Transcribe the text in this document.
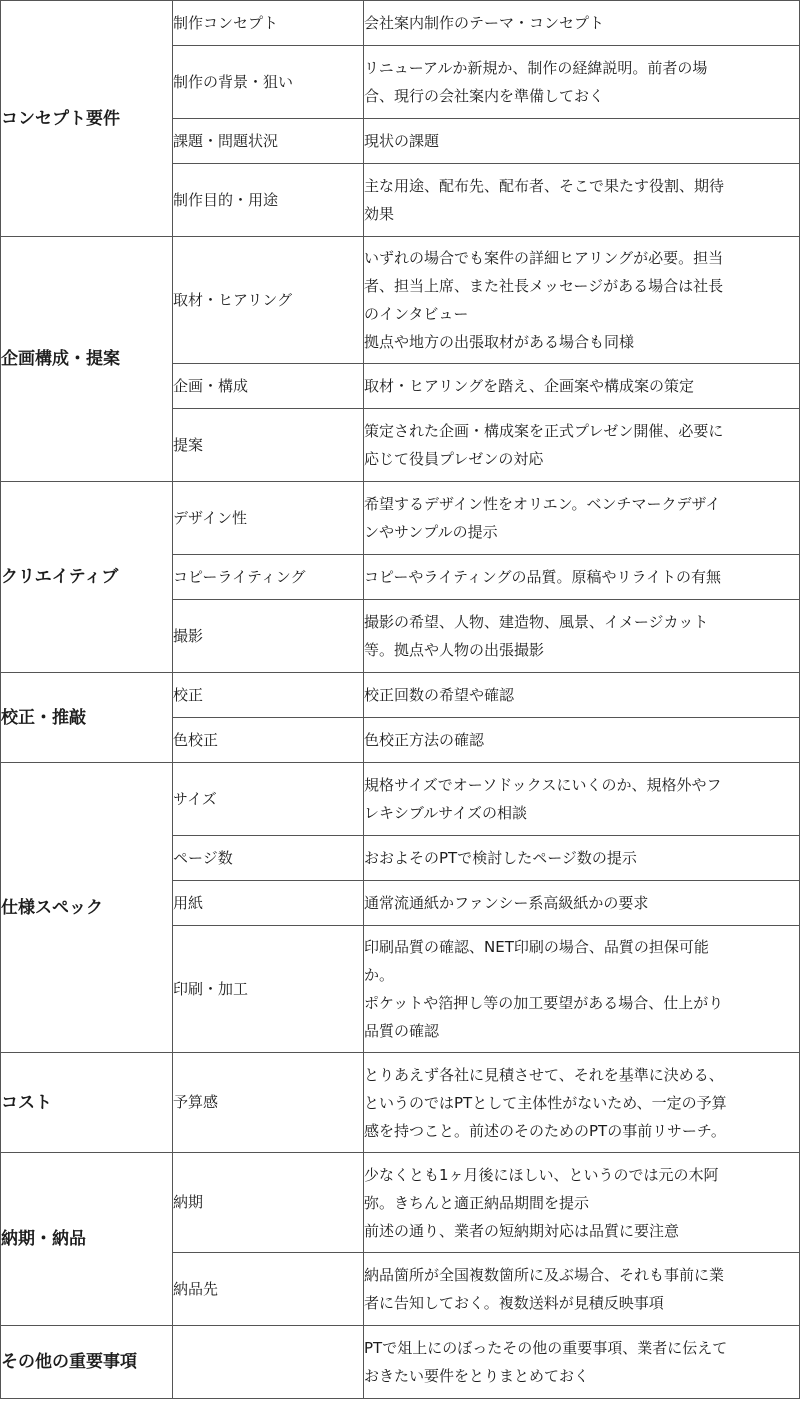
コンセプト要件	制作コンセプト	会社案内制作のテーマ・コンセプト

	制作の背景・狙い	リニューアルか新規か、制作の経緯説明。前者の場
合、現行の会社案内を準備しておく

	課題・問題状況	現状の課題

	制作目的・用途	主な用途、配布先、配布者、そこで果たす役割、期待
効果

企画構成・提案	取材・ヒアリング	いずれの場合でも案件の詳細ヒアリングが必要。担当
者、担当上席、また社長メッセージがある場合は社長
のインタビュー
拠点や地方の出張取材がある場合も同様

	企画・構成	取材・ヒアリングを踏え、企画案や構成案の策定

	提案	策定された企画・構成案を正式プレゼン開催、必要に
応じて役員プレゼンの対応

クリエイティブ	デザイン性	希望するデザイン性をオリエン。ベンチマークデザイ
ンやサンプルの提示

	コピーライティング	コピーやライティングの品質。原稿やリライトの有無

	撮影	撮影の希望、人物、建造物、風景、イメージカット
等。拠点や人物の出張撮影

校正・推敲	校正	校正回数の希望や確認

	色校正	色校正方法の確認

仕様スペック	サイズ	規格サイズでオーソドックスにいくのか、規格外やフ
レキシブルサイズの相談

	ページ数	おおよそのPTで検討したページ数の提示

	用紙	通常流通紙かファンシー系高級紙かの要求

	印刷・加工	印刷品質の確認、NET印刷の場合、品質の担保可能
か。
ポケットや箔押し等の加工要望がある場合、仕上がり
品質の確認

コスト	予算感	とりあえず各社に見積させて、それを基準に決める、
というのではPTとして主体性がないため、一定の予算
感を持つこと。前述のそのためのPTの事前リサーチ。

納期・納品	納期	少なくとも1ヶ月後にほしい、というのでは元の木阿
弥。きちんと適正納品期間を提示
前述の通り、業者の短納期対応は品質に要注意

	納品先	納品箇所が全国複数箇所に及ぶ場合、それも事前に業
者に告知しておく。複数送料が見積反映事項

その他の重要事項		PTで俎上にのぼったその他の重要事項、業者に伝えて
おきたい要件をとりまとめておく
